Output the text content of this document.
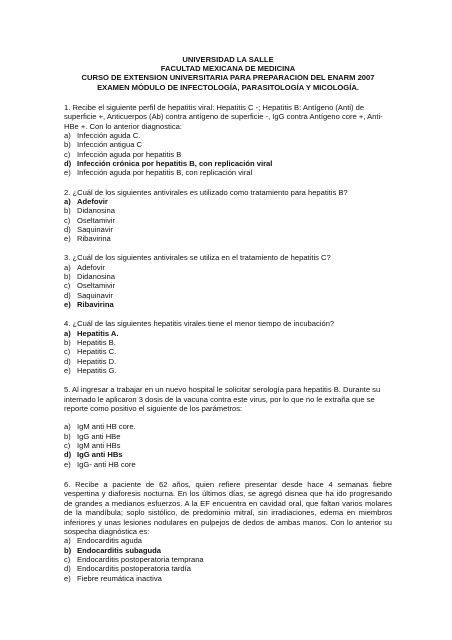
UNIVERSIDAD LA SALLE
FACULTAD MEXICANA DE MEDICINA
CURSO DE EXTENSION UNIVERSITARIA PARA PREPARACION DEL ENARM 2007
EXAMEN MÓDULO DE INFECTOLOGÍA, PARASITOLOGÍA Y MICOLOGÍA.

1. Recibe el siguiente perfil de hepatitis viral: Hepatitis C -; Hepatitis B: Antígeno (Anti) de superficie +, Anticuerpos (Ab) contra antígeno de superficie -, IgG contra Antígeno core +, Anti-HBe +. Con lo anterior diagnostica:

a) Infección aguda C.
b) Infección antigua C
c) Infección aguda por hepatitis B
d) Infección crónica por hepatitis B, con replicación viral
e) Infección aguda por hepatitis B, con replicación viral

2. ¿Cuál de los siguientes antivirales es utilizado como tratamiento para hepatitis B?

a) Adefovir
b) Didanosina
c) Oseltamivir
d) Saquinavir
e) Ribavirina

3. ¿Cuál de los siguientes antivirales se utiliza en el tratamiento de hepatitis C?

a) Adefovir
b) Didanosina
c) Oseltamivir
d) Saquinavir
e) Ribavirina

4. ¿Cuál de las siguientes hepatitis virales tiene el menor tiempo de incubación?

a) Hepatitis A.
b) Hepatitis B.
c) Hepatitis C.
d) Hepatitis D.
e) Hepatitis G.

5. Al ingresar a trabajar en un nuevo hospital le solicitar serología para hepatitis B. Durante su internado le aplicaron 3 dosis de la vacuna contra este virus, por lo que no le extraña que se reporte como positivo el siguiente de los parámetros:

a) IgM anti HB core.
b) IgG anti HBe
c) IgM anti HBs
d) IgG anti HBs
e) IgG- anti HB core

6. Recibe a paciente de 62 años, quien refiere presentar desde hace 4 semanas fiebre vespertina y diaforesis nocturna. En los últimos días, se agregó disnea que ha ido progresando de grandes a medianos esfuerzos. A la EF encuentra en cavidad oral, que faltan varios molares de la mandíbula; soplo sistólico, de predominio mitral, sin irradiaciones, edema en miembros inferiores y unas lesiones nodulares en pulpejos de dedos de ambas manos. Con lo anterior su sospecha diagnóstica es:

a) Endocarditis aguda
b) Endocarditis subaguda
c) Endocarditis postoperatoria temprana
d) Endocarditis postoperatoria tardía
e) Fiebre reumática inactiva
